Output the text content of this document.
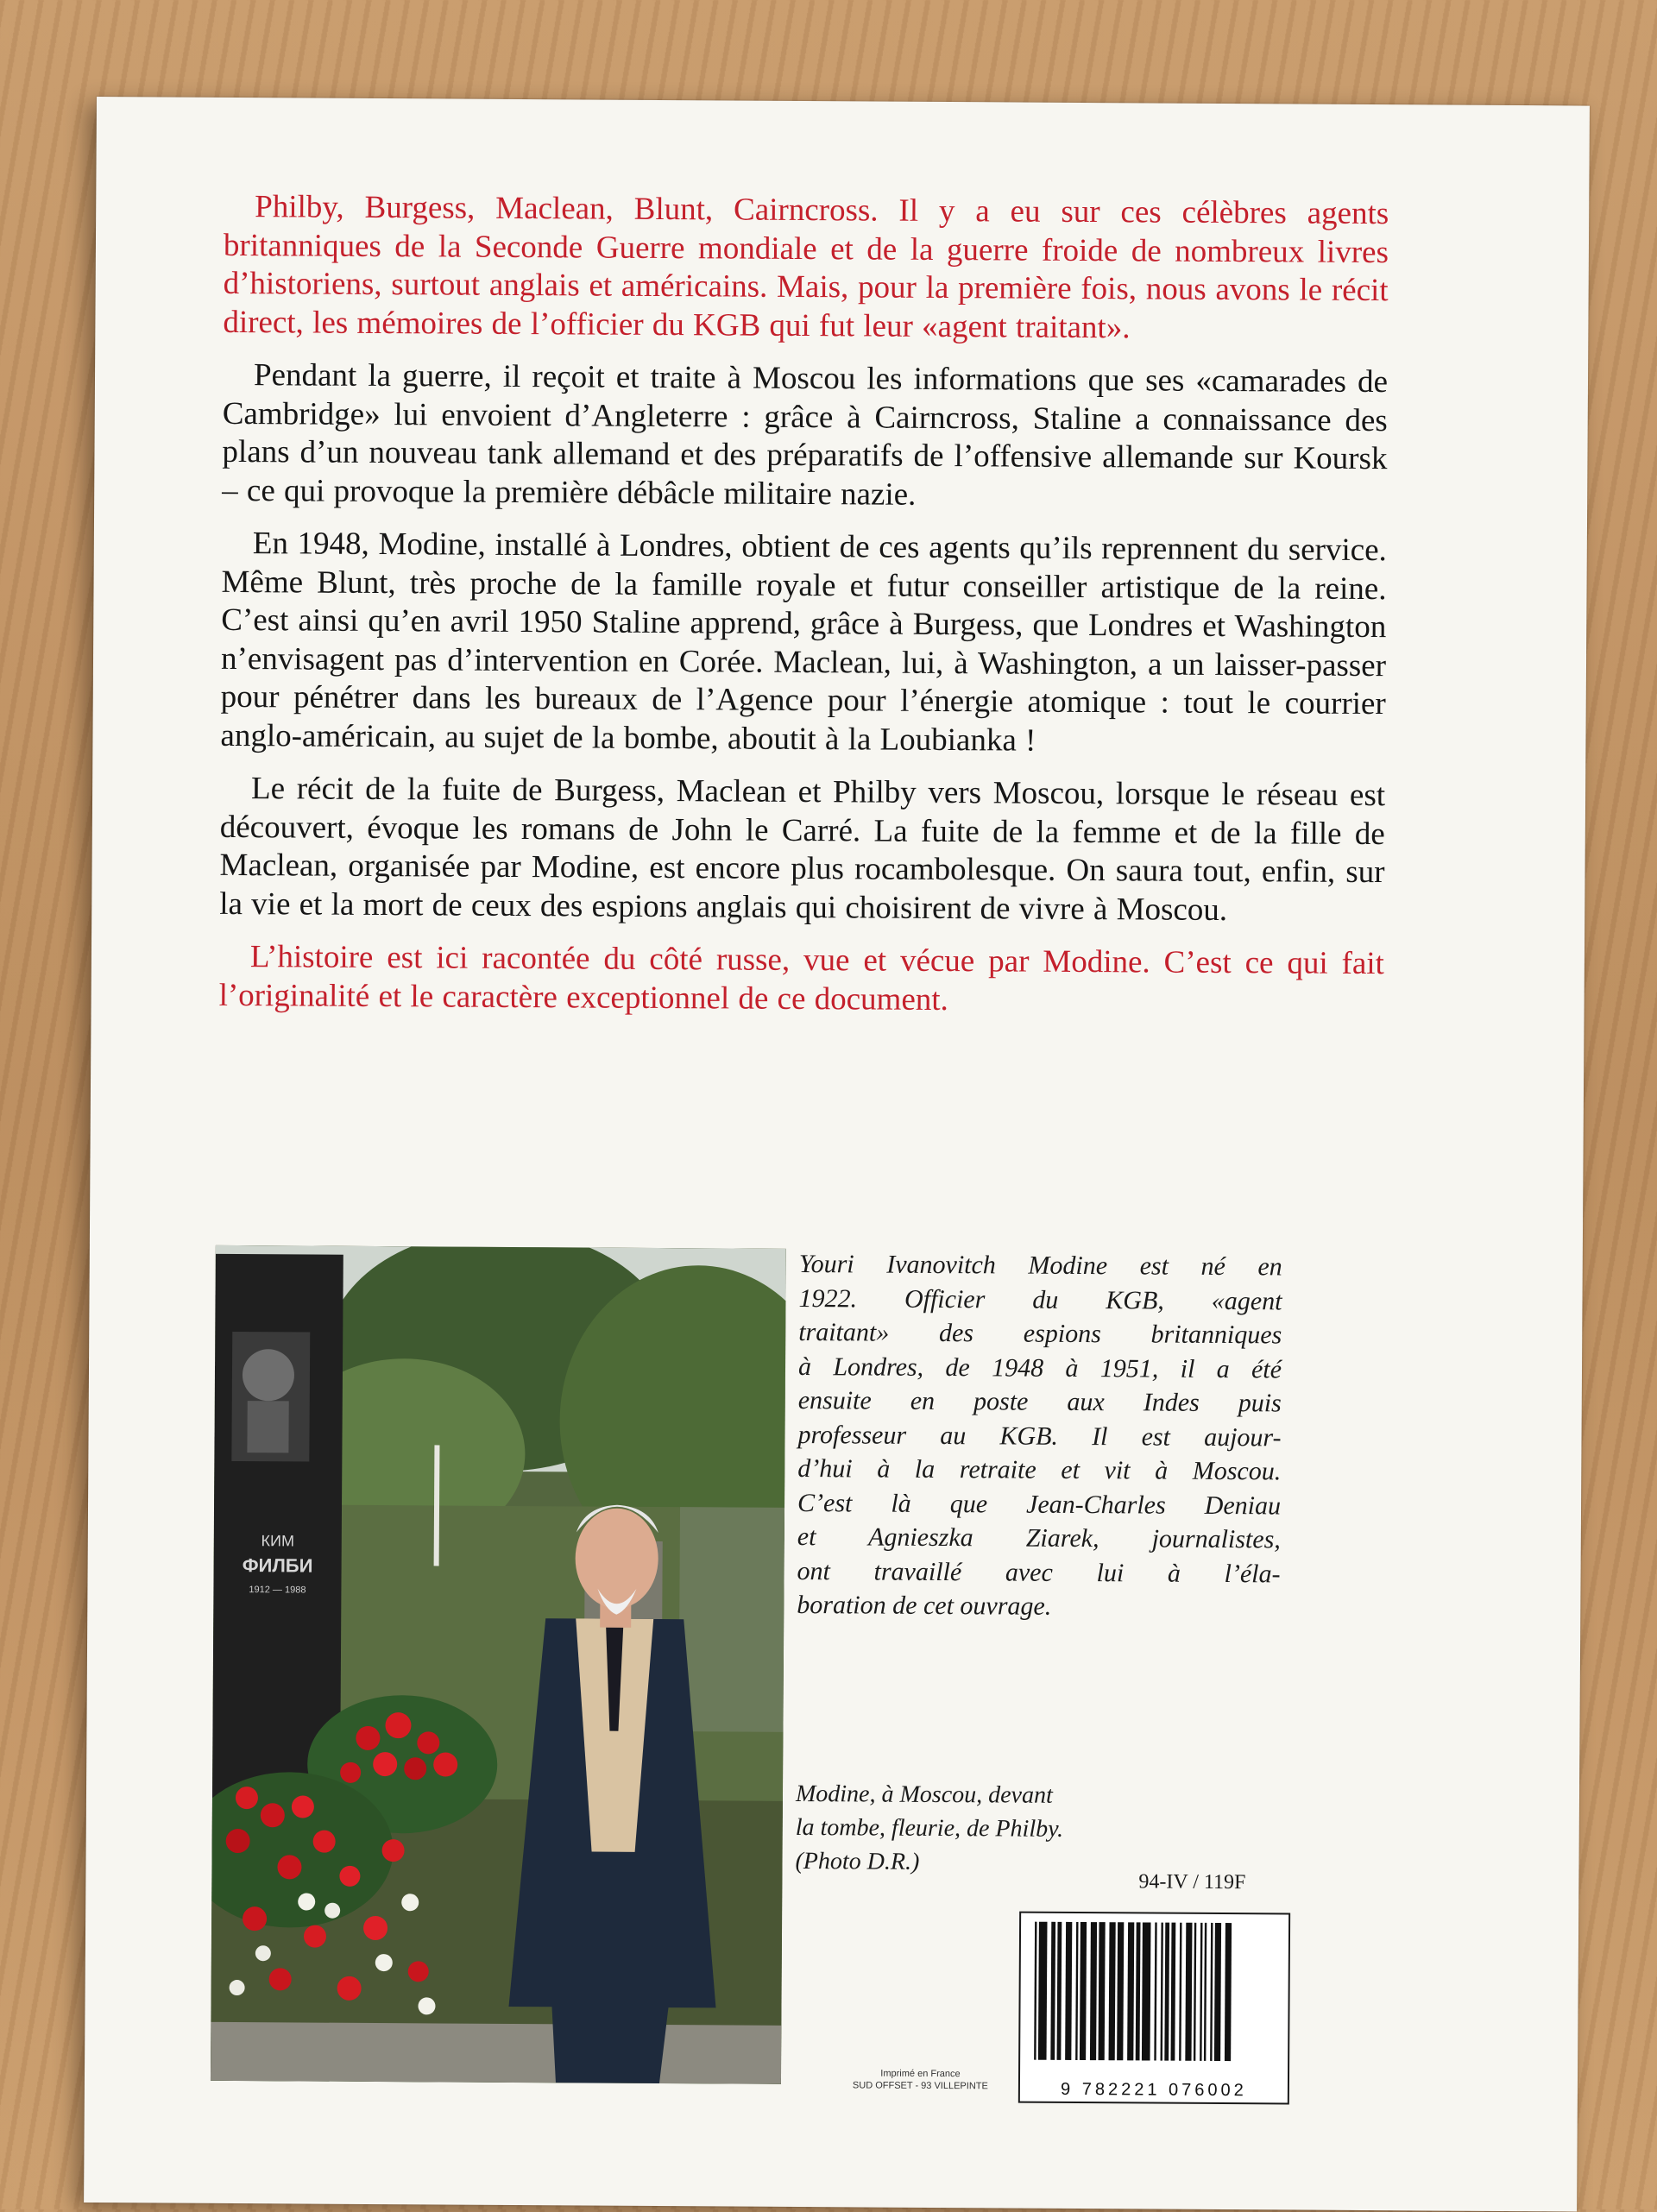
Philby, Burgess, Maclean, Blunt, Cairncross. Il y a eu sur ces célèbres agents britanniques de la Seconde Guerre mondiale et de la guerre froide de nombreux livres d’historiens, surtout anglais et américains. Mais, pour la première fois, nous avons le récit direct, les mémoires de l’officier du KGB qui fut leur «agent traitant».

Pendant la guerre, il reçoit et traite à Moscou les informations que ses «camarades de Cambridge» lui envoient d’Angleterre : grâce à Cairncross, Staline a connaissance des plans d’un nouveau tank allemand et des préparatifs de l’offensive allemande sur Koursk – ce qui provoque la première débâcle militaire nazie.

En 1948, Modine, installé à Londres, obtient de ces agents qu’ils reprennent du service. Même Blunt, très proche de la famille royale et futur conseiller artistique de la reine. C’est ainsi qu’en avril 1950 Staline apprend, grâce à Burgess, que Londres et Washington n’envisagent pas d’intervention en Corée. Maclean, lui, à Washington, a un laisser-passer pour pénétrer dans les bureaux de l’Agence pour l’énergie atomique : tout le courrier anglo-américain, au sujet de la bombe, aboutit à la Loubianka !

Le récit de la fuite de Burgess, Maclean et Philby vers Moscou, lorsque le réseau est découvert, évoque les romans de John le Carré. La fuite de la femme et de la fille de Maclean, organisée par Modine, est encore plus rocambolesque. On saura tout, enfin, sur la vie et la mort de ceux des espions anglais qui choisirent de vivre à Moscou.

L’histoire est ici racontée du côté russe, vue et vécue par Modine. C’est ce qui fait l’originalité et le caractère exceptionnel de ce document.

КИМ
ФИЛБИ
1912 — 1988
Youri Ivanovitch Modine est né en
1922. Officier du KGB, «agent
traitant» des espions britanniques
à Londres, de 1948 à 1951, il a été
ensuite en poste aux Indes puis
professeur au KGB. Il est aujour-
d’hui à la retraite et vit à Moscou.
C’est là que Jean-Charles Deniau
et Agnieszka Ziarek, journalistes,
ont travaillé avec lui à l’éla-
boration de cet ouvrage.
Modine, à Moscou, devant
la tombe, fleurie, de Philby.
(Photo D.R.)
94-IV / 119F
9 782221 076002
Imprimé en France
SUD OFFSET - 93 VILLEPINTE
